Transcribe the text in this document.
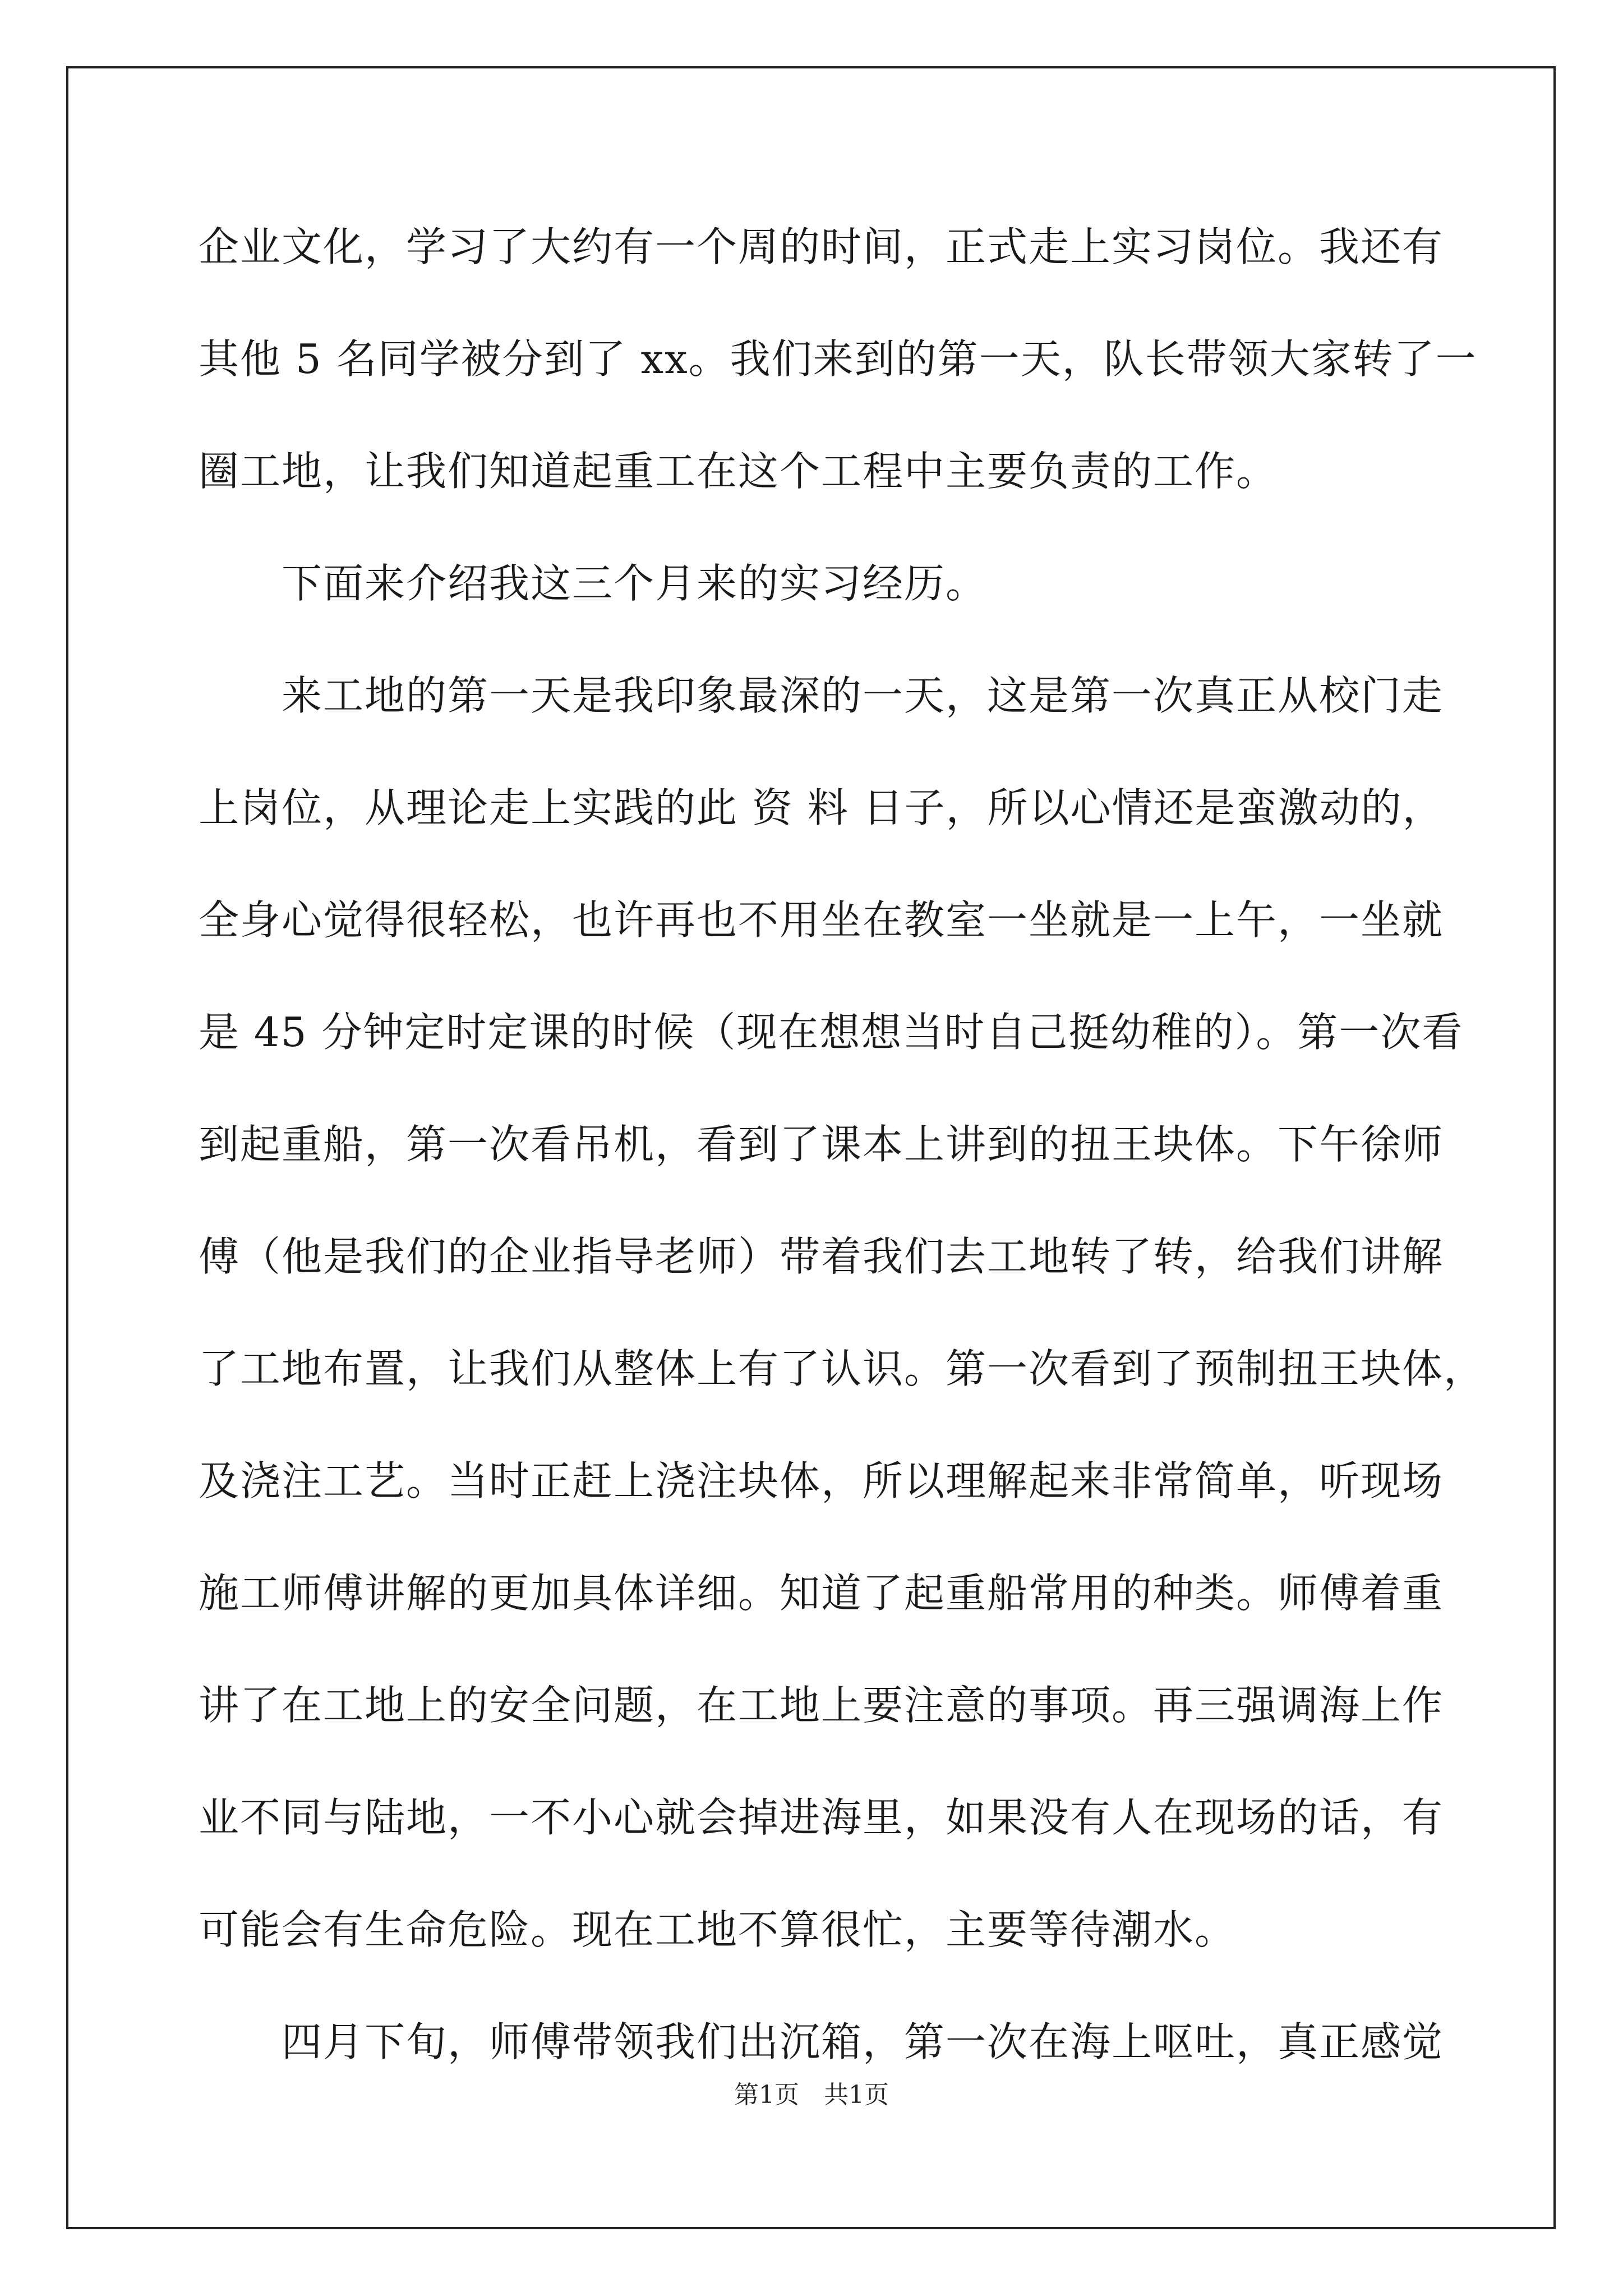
企业文化，学习了大约有一个周的时间，正式走上实习岗位。我还有
其他 5 名同学被分到了 xx。我们来到的第一天，队长带领大家转了一
圈工地，让我们知道起重工在这个工程中主要负责的工作。
　　下面来介绍我这三个月来的实习经历。
　　来工地的第一天是我印象最深的一天，这是第一次真正从校门走
上岗位，从理论走上实践的此 资 料 日子，所以心情还是蛮激动的，
全身心觉得很轻松，也许再也不用坐在教室一坐就是一上午，一坐就
是 45 分钟定时定课的时候（现在想想当时自己挺幼稚的）。第一次看
到起重船，第一次看吊机，看到了课本上讲到的扭王块体。下午徐师
傅（他是我们的企业指导老师）带着我们去工地转了转，给我们讲解
了工地布置，让我们从整体上有了认识。第一次看到了预制扭王块体，
及浇注工艺。当时正赶上浇注块体，所以理解起来非常简单，听现场
施工师傅讲解的更加具体详细。知道了起重船常用的种类。师傅着重
讲了在工地上的安全问题，在工地上要注意的事项。再三强调海上作
业不同与陆地，一不小心就会掉进海里，如果没有人在现场的话，有
可能会有生命危险。现在工地不算很忙，主要等待潮水。
　　四月下旬，师傅带领我们出沉箱，第一次在海上呕吐，真正感觉
第1页　共1页
